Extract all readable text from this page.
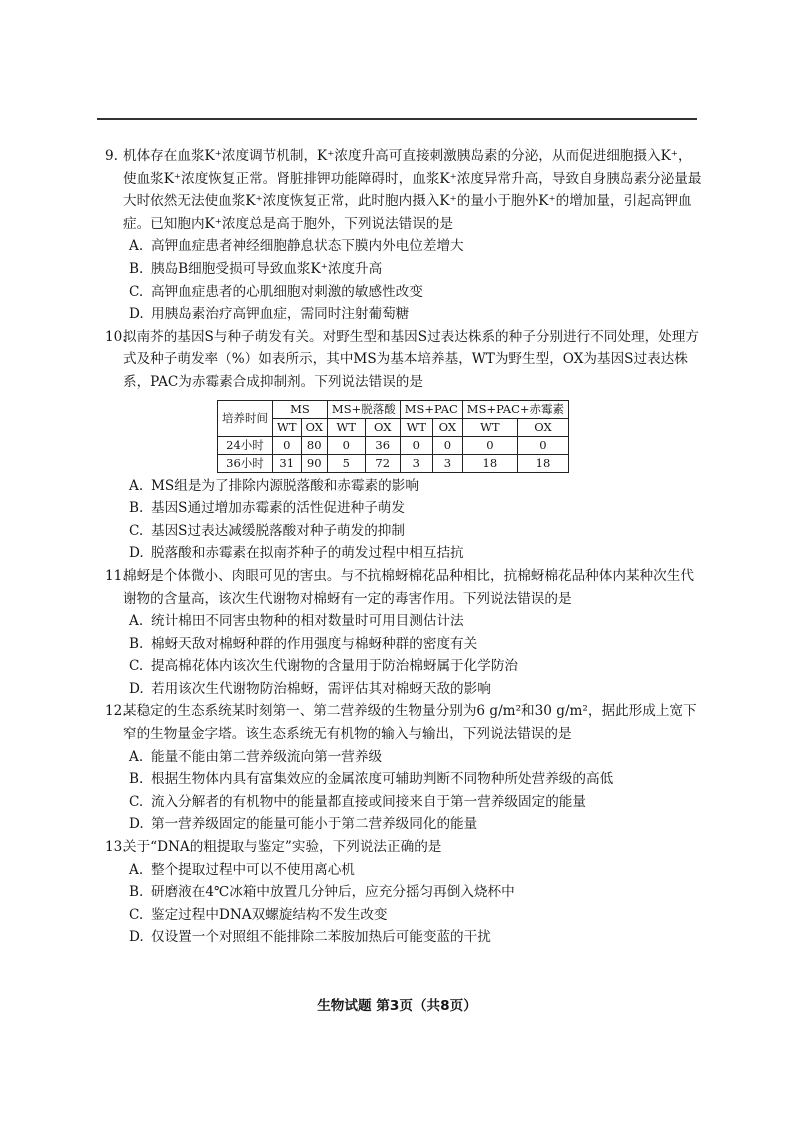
9. 机体存在血浆K⁺浓度调节机制，K⁺浓度升高可直接刺激胰岛素的分泌，从而促进细胞摄入K⁺，使血浆K⁺浓度恢复正常。肾脏排钾功能障碍时，血浆K⁺浓度异常升高，导致自身胰岛素分泌量最大时依然无法使血浆K⁺浓度恢复正常，此时胞内摄入K⁺的量小于胞外K⁺的增加量，引起高钾血症。已知胞内K⁺浓度总是高于胞外，下列说法错误的是
A. 高钾血症患者神经细胞静息状态下膜内外电位差增大
B. 胰岛B细胞受损可导致血浆K⁺浓度升高
C. 高钾血症患者的心肌细胞对刺激的敏感性改变
D. 用胰岛素治疗高钾血症，需同时注射葡萄糖
10.拟南芥的基因S与种子萌发有关。对野生型和基因S过表达株系的种子分别进行不同处理，处理方式及种子萌发率（%）如表所示，其中MS为基本培养基，WT为野生型，OX为基因S过表达株系，PAC为赤霉素合成抑制剂。下列说法错误的是
培养时间	MS		MS+脱落酸		MS+PAC		MS+PAC+赤霉素	
	WT	OX	WT	OX	WT	OX	WT	OX
24小时	0	80	0	36	0	0	0	0
36小时	31	90	5	72	3	3	18	18
A. MS组是为了排除内源脱落酸和赤霉素的影响
B. 基因S通过增加赤霉素的活性促进种子萌发
C. 基因S过表达减缓脱落酸对种子萌发的抑制
D. 脱落酸和赤霉素在拟南芥种子的萌发过程中相互拮抗
11.棉蚜是个体微小、肉眼可见的害虫。与不抗棉蚜棉花品种相比，抗棉蚜棉花品种体内某种次生代谢物的含量高，该次生代谢物对棉蚜有一定的毒害作用。下列说法错误的是
A. 统计棉田不同害虫物种的相对数量时可用目测估计法
B. 棉蚜天敌对棉蚜种群的作用强度与棉蚜种群的密度有关
C. 提高棉花体内该次生代谢物的含量用于防治棉蚜属于化学防治
D. 若用该次生代谢物防治棉蚜，需评估其对棉蚜天敌的影响
12.某稳定的生态系统某时刻第一、第二营养级的生物量分别为6 g/m²和30 g/m²，据此形成上宽下窄的生物量金字塔。该生态系统无有机物的输入与输出，下列说法错误的是
A. 能量不能由第二营养级流向第一营养级
B. 根据生物体内具有富集效应的金属浓度可辅助判断不同物种所处营养级的高低
C. 流入分解者的有机物中的能量都直接或间接来自于第一营养级固定的能量
D. 第一营养级固定的能量可能小于第二营养级同化的能量
13.关于“DNA的粗提取与鉴定”实验，下列说法正确的是
A. 整个提取过程中可以不使用离心机
B. 研磨液在4℃冰箱中放置几分钟后，应充分摇匀再倒入烧杯中
C. 鉴定过程中DNA双螺旋结构不发生改变
D. 仅设置一个对照组不能排除二苯胺加热后可能变蓝的干扰
生物试题 第3页（共8页）
